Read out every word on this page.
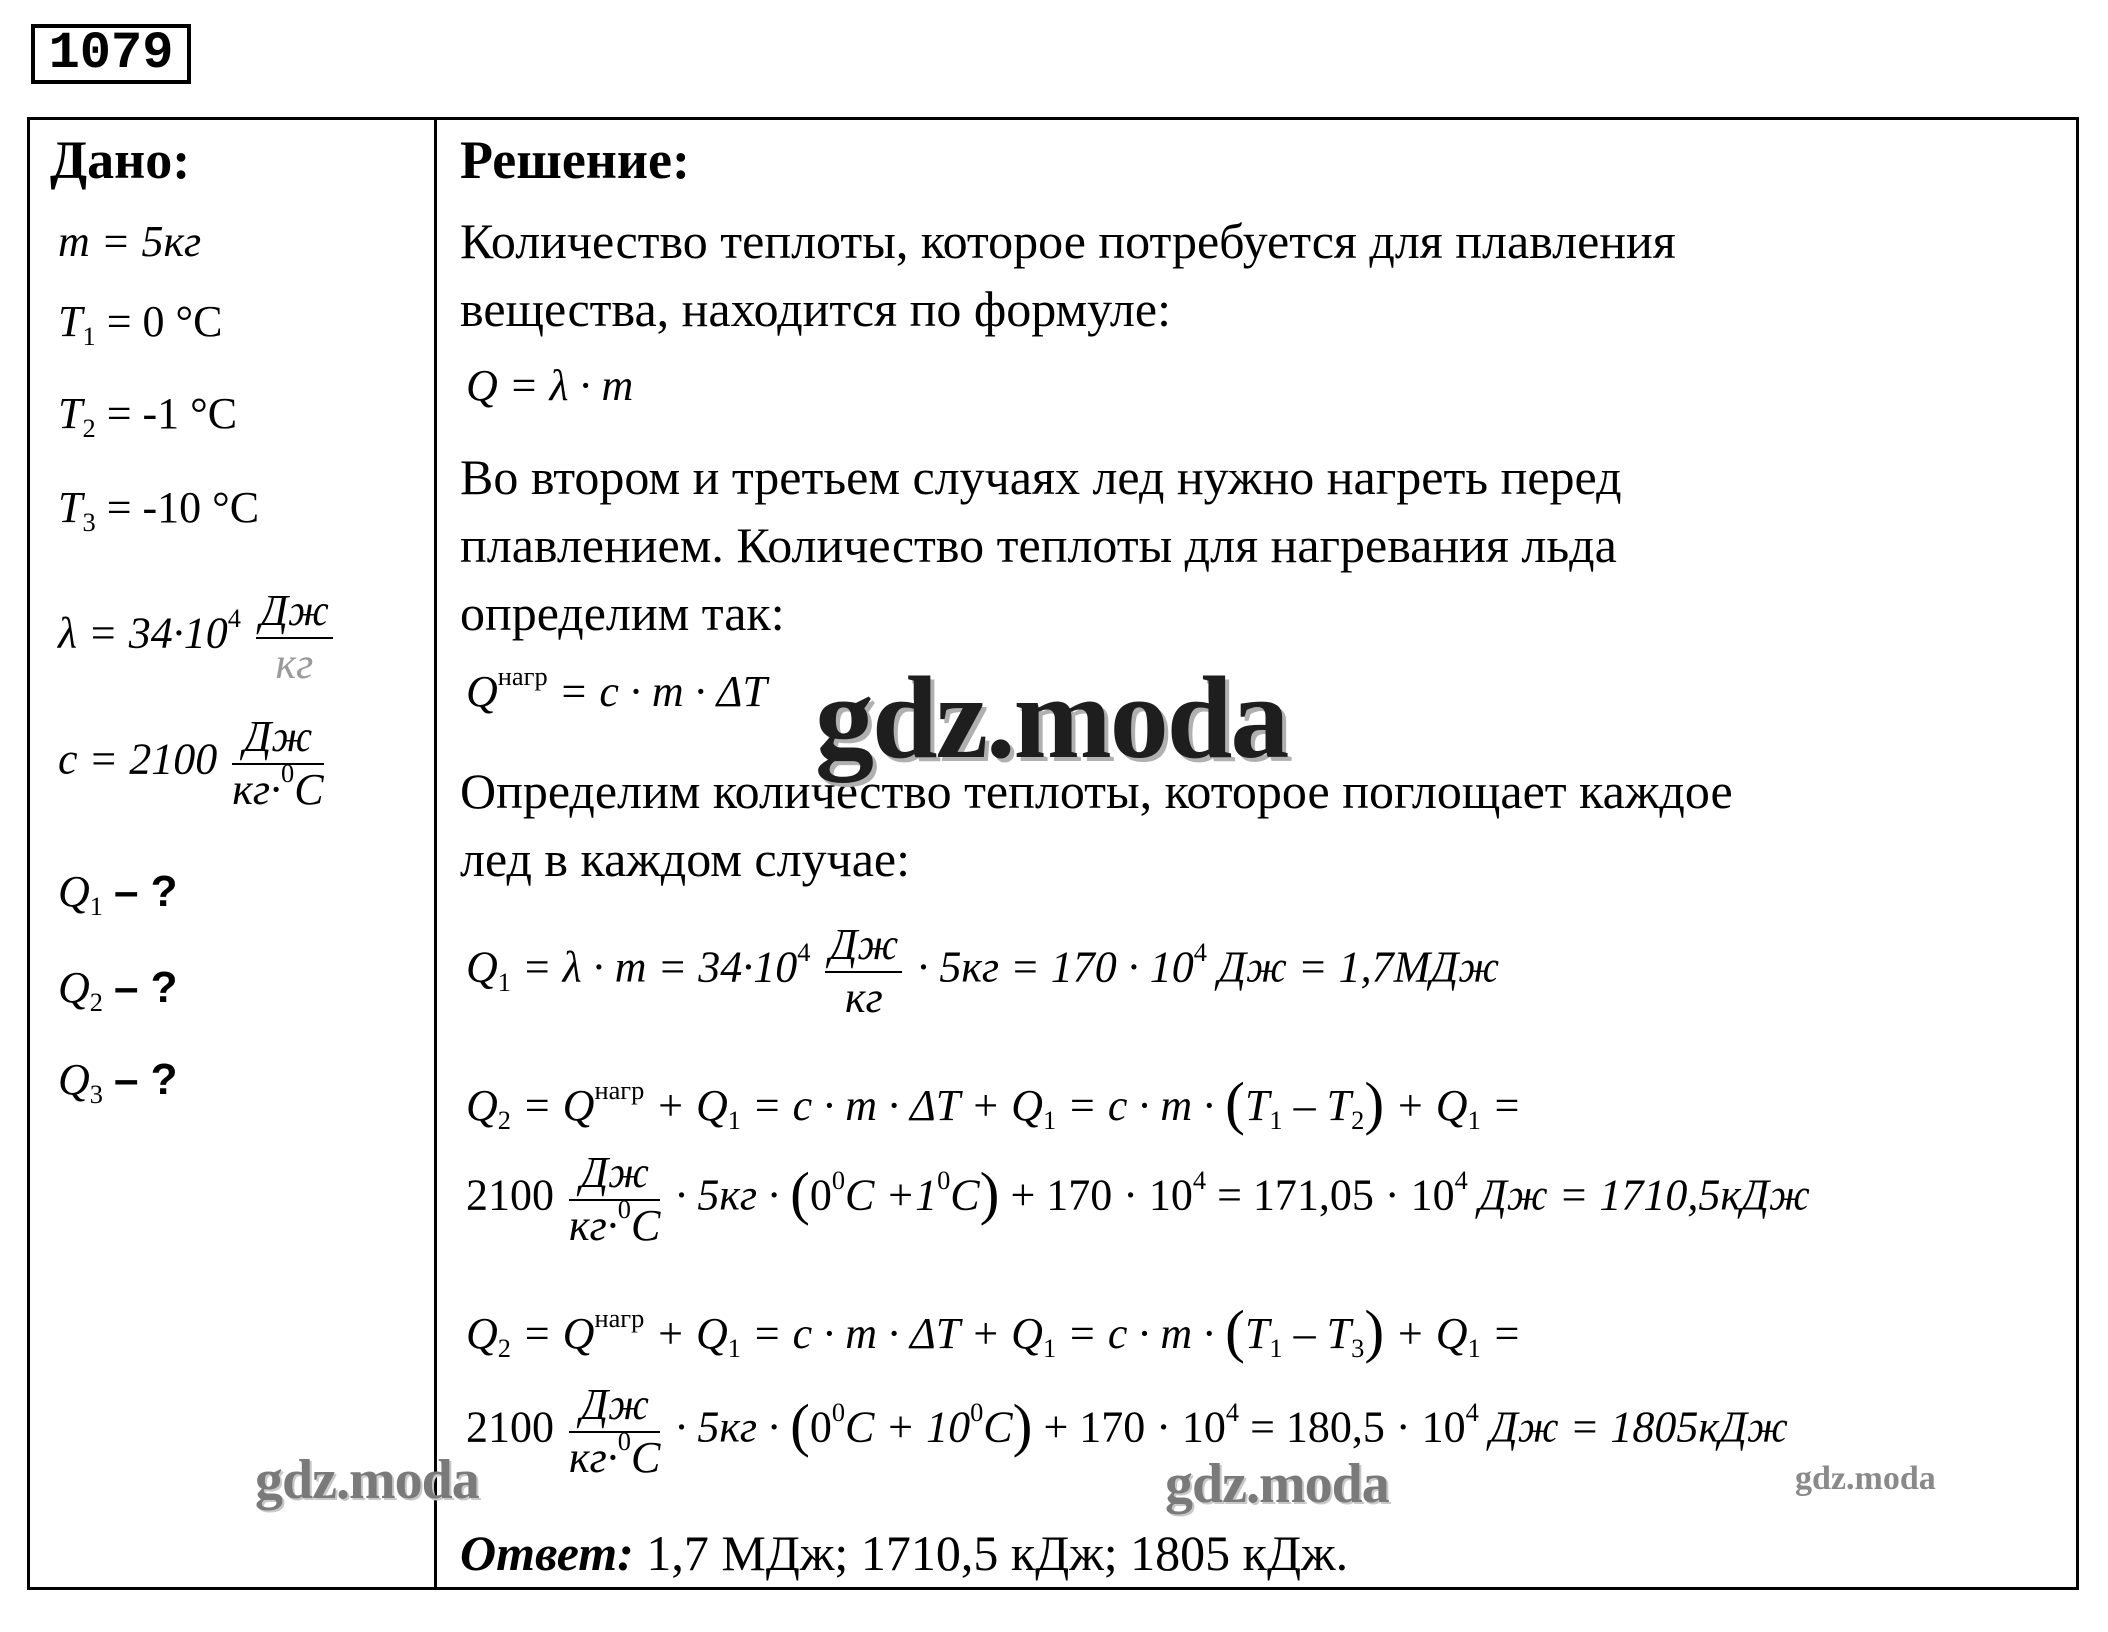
1079
Дано:
m = 5кг
$T_1 = 0$ °C
$T_2 = -1$ °C
$T_3 = -10$ °C
$\lambda = 34\cdot 10^4 \frac{Дж}{кг}$
$c = 2100 \frac{Дж}{кг\cdot^0C}$
$Q_1$ – ?
$Q_2$ – ?
$Q_3$ – ?
Решение:
Количество теплоты, которое потребуется для плавления
вещества, находится по формуле:
Q = λ · m
Во втором и третьем случаях лед нужно нагреть перед
плавлением. Количество теплоты для нагревания льда
определим так:
$Q^{нагр} = c \cdot m \cdot \Delta T$
Определим количество теплоты, которое поглощает каждое
лед в каждом случае:
$Q_1 = \lambda \cdot m = 34\cdot 10^4 \frac{Дж}{кг} \cdot 5кг = 170 \cdot 10^4$ Дж = 1,7МДж
$Q_2 = Q^{нагр} + Q_1 = c \cdot m \cdot \Delta T + Q_1 = c \cdot m \cdot (T_1 - T_2) + Q_1$ =
$2100 \frac{Дж}{кг\cdot^0C} \cdot 5кг \cdot (0^0C +1^0C) + 170 \cdot 10^4 = 171,05 \cdot 10^4$ Дж = 1710,5кДж
$Q_2 = Q^{нагр} + Q_1 = c \cdot m \cdot \Delta T + Q_1 = c \cdot m \cdot (T_1 - T_3) + Q_1$ =
$2100 \frac{Дж}{кг\cdot^0C} \cdot 5кг \cdot (0^0C + 10^0C) + 170 \cdot 10^4 = 180,5 \cdot 10^4$ Дж = 1805кДж
Ответ: 1,7 МДж; 1710,5 кДж; 1805 кДж.
gdz.moda
gdz.moda	gdz.moda	gdz.moda
